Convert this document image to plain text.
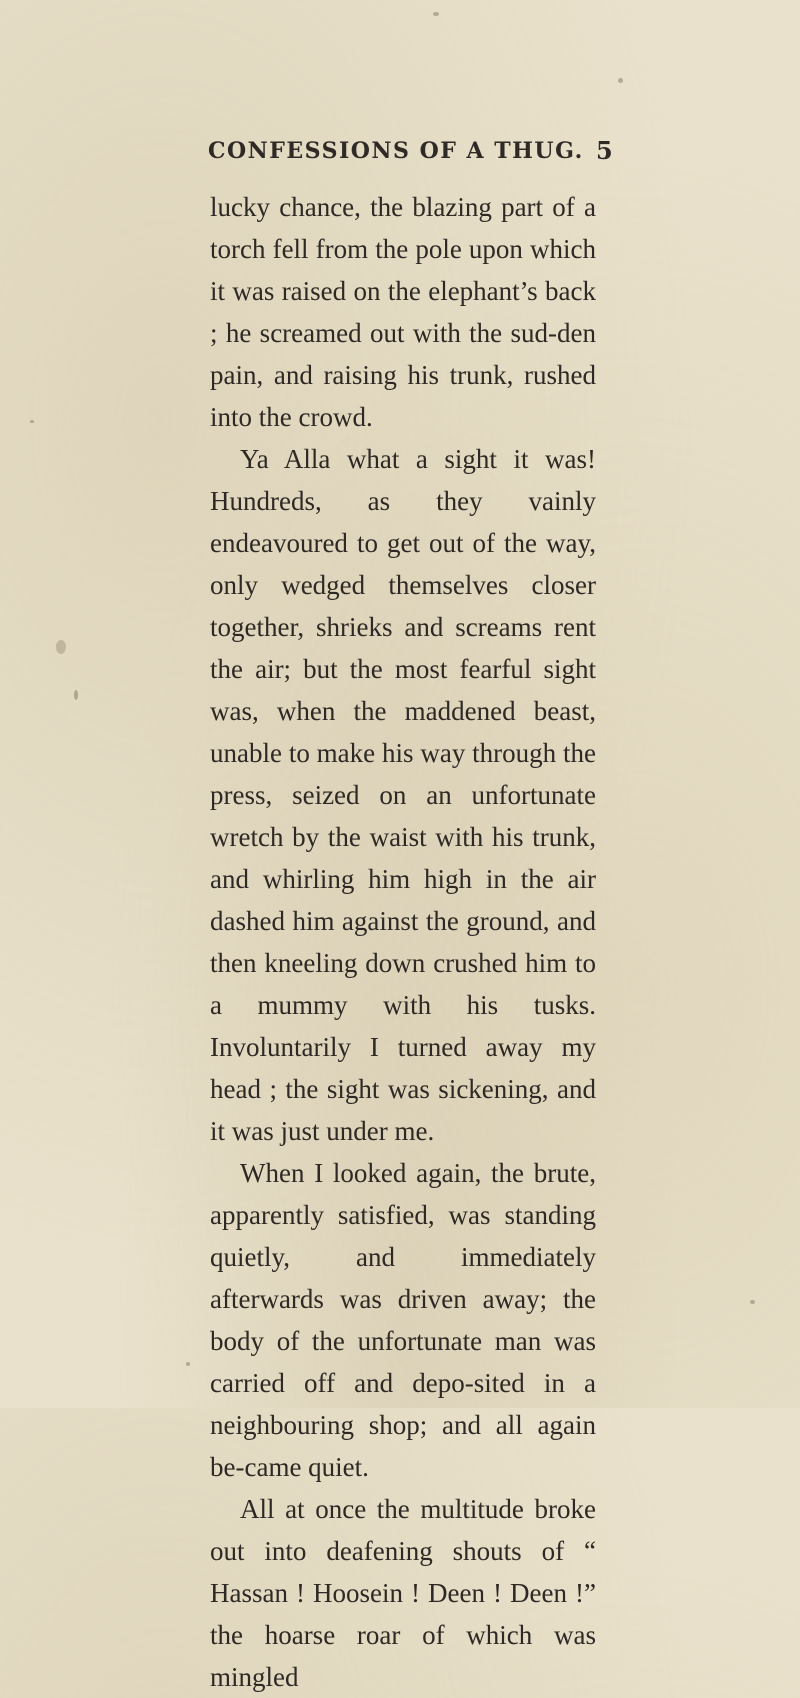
CONFESSIONS OF A THUG. 5

lucky chance, the blazing part of a torch fell from the pole upon which it was raised on the elephant’s back ; he screamed out with the sud-den pain, and raising his trunk, rushed into the crowd.

Ya Alla what a sight it was! Hundreds, as they vainly endeavoured to get out of the way, only wedged themselves closer together, shrieks and screams rent the air; but the most fearful sight was, when the maddened beast, unable to make his way through the press, seized on an unfortunate wretch by the waist with his trunk, and whirling him high in the air dashed him against the ground, and then kneeling down crushed him to a mummy with his tusks. Involuntarily I turned away my head ; the sight was sickening, and it was just under me.

When I looked again, the brute, apparently satisfied, was standing quietly, and immediately afterwards was driven away; the body of the unfortunate man was carried off and depo-sited in a neighbouring shop; and all again be-came quiet.

All at once the multitude broke out into deafening shouts of “ Hassan ! Hoosein ! Deen ! Deen !” the hoarse roar of which was mingled
